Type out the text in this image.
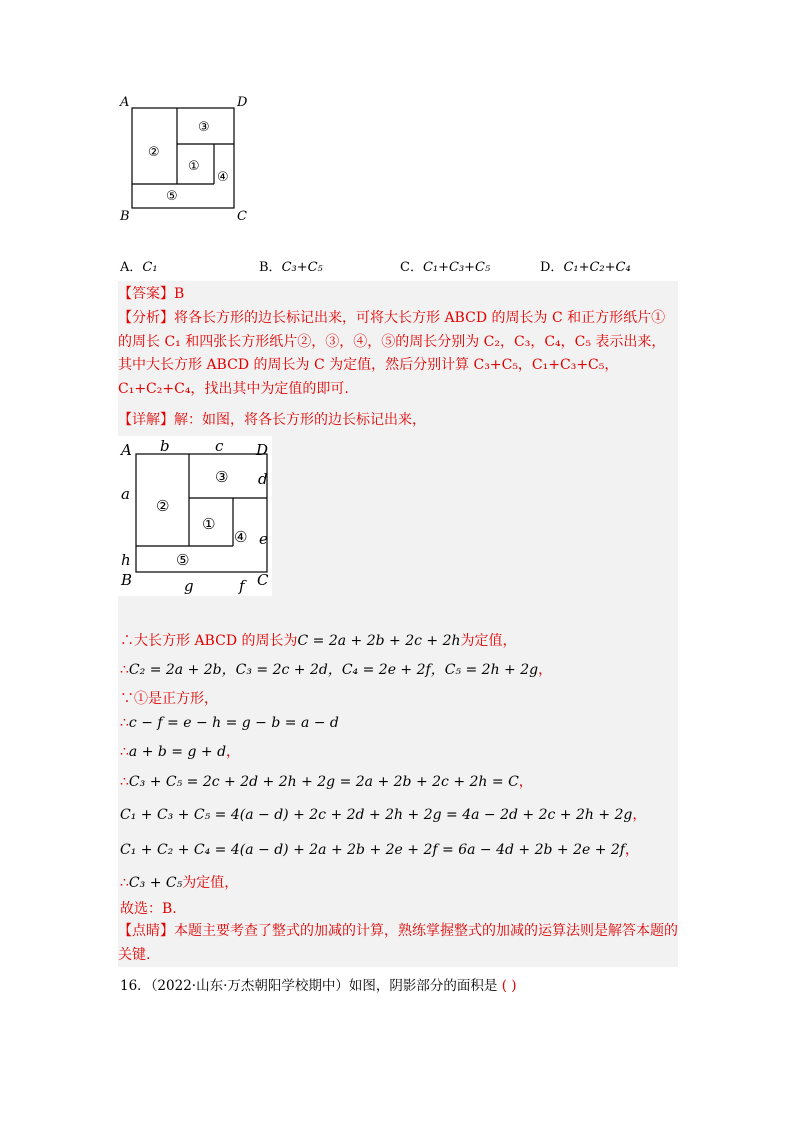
A	D
B	C
③
②
①
④
⑤
A．C₁	B．C₃+C₅	C．C₁+C₃+C₅	D．C₁+C₂+C₄
【答案】B
【分析】将各长方形的边长标记出来，可将大长方形 ABCD 的周长为 C 和正方形纸片①的周长 C₁ 和四张长方形纸片②，③，④，⑤的周长分别为 C₂，C₃，C₄，C₅ 表示出来，其中大长方形 ABCD 的周长为 C 为定值，然后分别计算 C₃+C₅，C₁+C₃+C₅，C₁+C₂+C₄，找出其中为定值的即可.
【详解】解：如图，将各长方形的边长标记出来，
A	D
B	C
b	c
d
a
e
h
g	f
③
②
①
④
⑤
∴大长方形 ABCD 的周长为C = 2a + 2b + 2c + 2h为定值，
∴C₂ = 2a + 2b，C₃ = 2c + 2d，C₄ = 2e + 2f，C₅ = 2h + 2g，
∵①是正方形，
∴c − f = e − h = g − b = a − d
∴a + b = g + d，
∴C₃ + C₅ = 2c + 2d + 2h + 2g = 2a + 2b + 2c + 2h = C，
C₁ + C₃ + C₅ = 4(a − d) + 2c + 2d + 2h + 2g = 4a − 2d + 2c + 2h + 2g，
C₁ + C₂ + C₄ = 4(a − d) + 2a + 2b + 2e + 2f = 6a − 4d + 2b + 2e + 2f，
∴C₃ + C₅为定值，
故选：B.
【点睛】本题主要考查了整式的加减的计算，熟练掌握整式的加减的运算法则是解答本题的关键.
16．（2022·山东·万杰朝阳学校期中）如图，阴影部分的面积是 ( )
